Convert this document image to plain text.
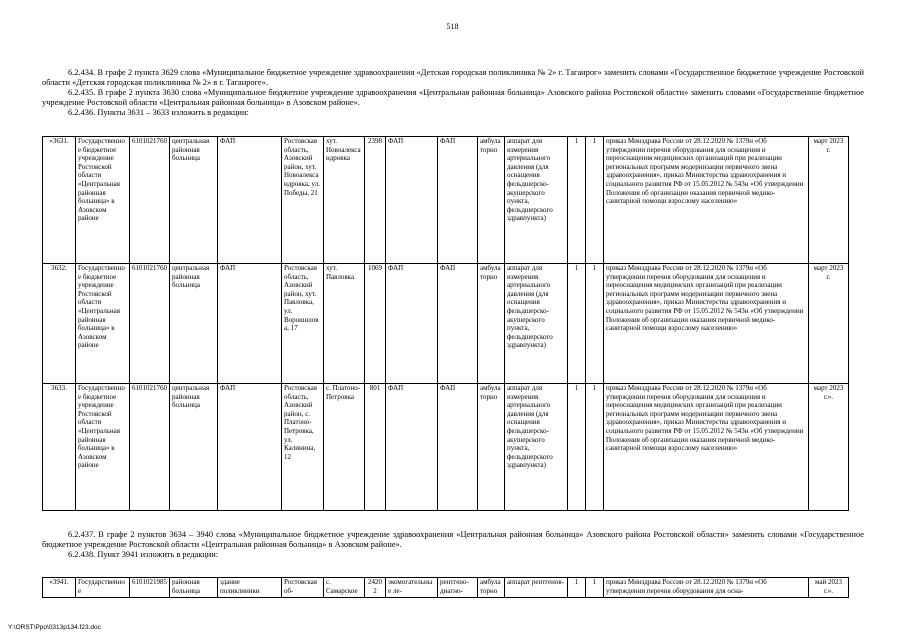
518
6.2.434. В графе 2 пункта 3629 слова «Муниципальное бюджетное учреждение здравоохранения «Детская городская поликлиника № 2» г. Таганрог» заменить словами «Государственное бюджетное учреждение Ростовской области «Детская городская поликлиника № 2» в г. Таганроге».
6.2.435. В графе 2 пункта 3630 слова «Муниципальное бюджетное учреждение здравоохранения «Центральная районная больница» Азовского района Ростовской области» заменить словами «Государственное бюджетное учреждение Ростовской области «Центральная районная больница» в Азовском районе».
6.2.436. Пункты 3631 – 3633 изложить в редакции:
«3631.	Государственное бюджетное учреждение Ростовской области «Центральная районная больница» в Азовском районе	6101021760	центральная районная больница	ФАП	Ростовская область, Азовский район, хут. Новоалександровка, ул. Победы, 21	хут. Новоалександровка	2398	ФАП	ФАП	амбулаторно	аппарат для измерения артериального давления (для оснащения фельдшерско-акушерского пункта, фельдшерского здравпункта)	1	1	приказ Минздрава России от 28.12.2020 № 1379н «Об утверждении перечня оборудования для оснащения и переоснащения медицинских организаций при реализации региональных программ модернизации первичного звена здравоохранения», приказ Министерства здравоохранения и социального развития РФ от 15.05.2012 № 543н «Об утверждении Положения об организации оказания первичной медико-санитарной помощи взрослому населению»	март 2023 г.
3632.	Государственное бюджетное учреждение Ростовской области «Центральная районная больница» в Азовском районе	6101021760	центральная районная больница	ФАП	Ростовская область, Азовский район, хут. Павловка, ул. Ворошилова, 17	хут. Павловка	1069	ФАП	ФАП	амбулаторно	аппарат для измерения артериального давления (для оснащения фельдшерско-акушерского пункта, фельдшерского здравпункта)	1	1	приказ Минздрава России от 28.12.2020 № 1379н «Об утверждении перечня оборудования для оснащения и переоснащения медицинских организаций при реализации региональных программ модернизации первичного звена здравоохранения», приказ Министерства здравоохранения и социального развития РФ от 15.05.2012 № 543н «Об утверждении Положения об организации оказания первичной медико-санитарной помощи взрослому населению»	март 2023 г.
3633.	Государственное бюджетное учреждение Ростовской области «Центральная районная больница» в Азовском районе	6101021760	центральная районная больница	ФАП	Ростовская область, Азовский район, с. Платоно-Петровка, ул. Калинина, 12	с. Платоно-Петровка	801	ФАП	ФАП	амбулаторно	аппарат для измерения артериального давления (для оснащения фельдшерско-акушерского пункта, фельдшерского здравпункта)	1	1	приказ Минздрава России от 28.12.2020 № 1379н «Об утверждении перечня оборудования для оснащения и переоснащения медицинских организаций при реализации региональных программ модернизации первичного звена здравоохранения», приказ Министерства здравоохранения и социального развития РФ от 15.05.2012 № 543н «Об утверждении Положения об организации оказания первичной медико-санитарной помощи взрослому населению»	март 2023 г.».
6.2.437. В графе 2 пунктов 3634 – 3940 слова «Муниципальное бюджетное учреждение здравоохранения «Центральная районная больница» Азовского района Ростовской области» заменить словами «Государственное бюджетное учреждение Ростовской области «Центральная районная больница» в Азовском районе».
6.2.438. Пункт 3941 изложить в редакции:
«3941.	Государственное	6101021985	районная больница	здание поликлиники	Ростовская об-	с. Самарское	24202	экомогательные ле-	рентгено-диагно-	амбулаторно	аппарат рентгенов-	1	1	приказ Минздрава России от 28.12.2020 № 1379н «Об утверждении перечня оборудования для осна-	май 2023 г.».
Y:\ORST\Ppo\0313p134.f23.doc
